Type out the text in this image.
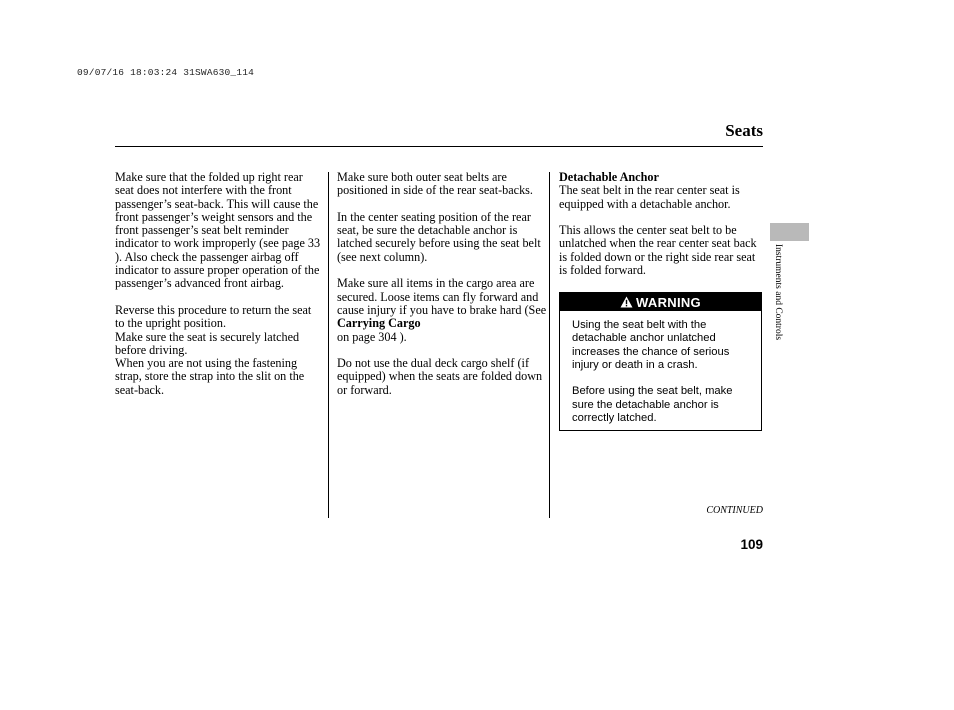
09/07/16 18:03:24 31SWA630_114
Seats
Instruments and Controls

Make sure that the folded up right rear seat does not interfere with the front passenger’s seat-back. This will cause the front passenger’s weight sensors and the front passenger’s seat belt reminder indicator to work improperly (see page 33 ). Also check the passenger airbag off indicator to assure proper operation of the passenger’s advanced front airbag.

Reverse this procedure to return the seat to the upright position.

Make sure the seat is securely latched before driving.

When you are not using the fastening strap, store the strap into the slit on the seat-back.

Make sure both outer seat belts are positioned in side of the rear seat-backs.

In the center seating position of the rear seat, be sure the detachable anchor is latched securely before using the seat belt (see next column).

Make sure all items in the cargo area are secured. Loose items can fly forward and cause injury if you have to brake hard (See Carrying Cargo
on page 304 ).

Do not use the dual deck cargo shelf (if equipped) when the seats are folded down or forward.

Detachable Anchor

The seat belt in the rear center seat is equipped with a detachable anchor.

This allows the center seat belt to be unlatched when the rear center seat back is folded down or the right side rear seat is folded forward.

WARNING

Using the seat belt with the detachable anchor unlatched increases the chance of serious injury or death in a crash.

Before using the seat belt, make sure the detachable anchor is correctly latched.

CONTINUED
109
